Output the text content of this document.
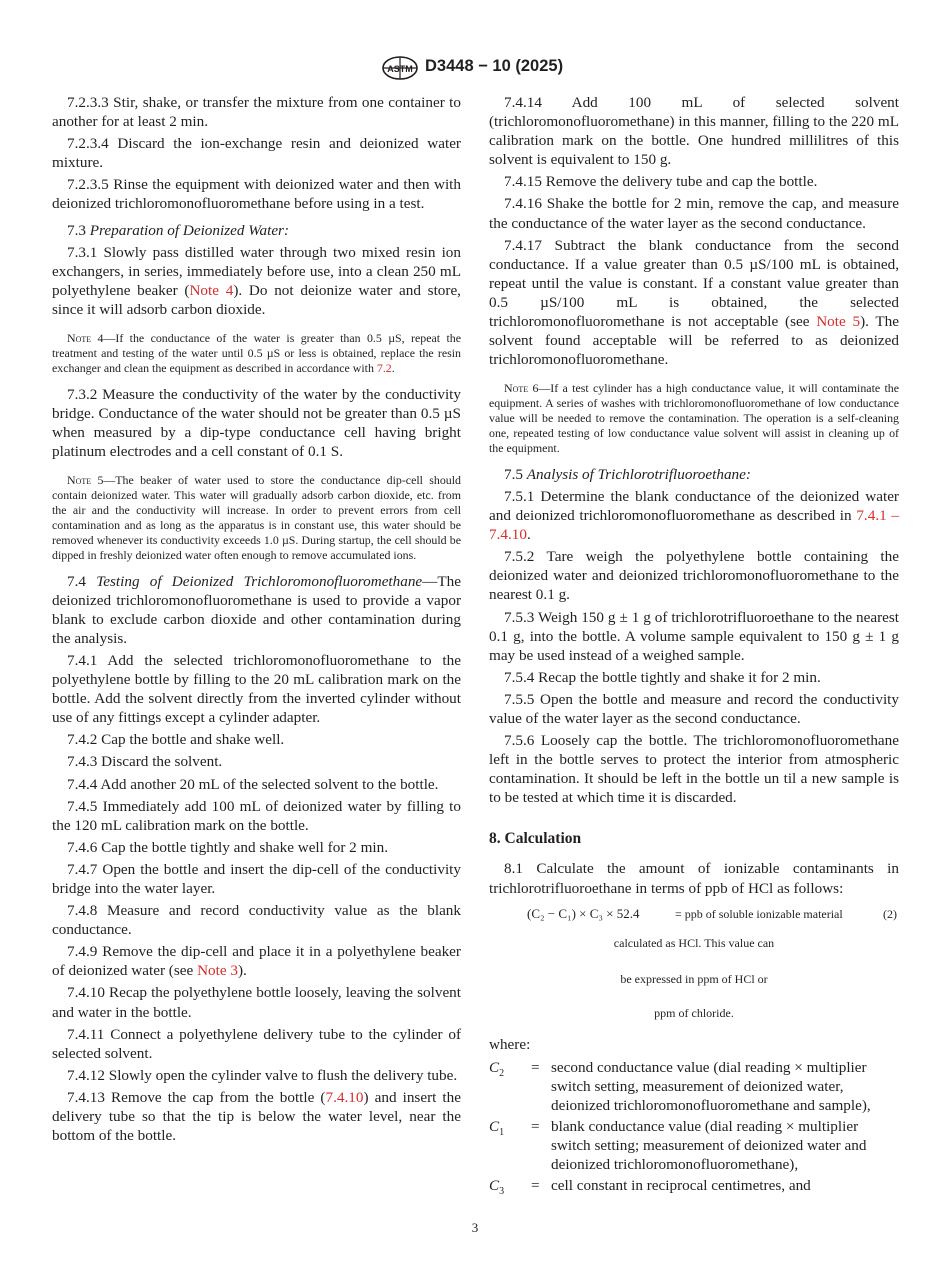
ASTM D3448 − 10 (2025)

7.2.3.3 Stir, shake, or transfer the mixture from one container to another for at least 2 min.

7.2.3.4 Discard the ion-exchange resin and deionized water mixture.

7.2.3.5 Rinse the equipment with deionized water and then with deionized trichloromonofluoromethane before using in a test.

7.3 Preparation of Deionized Water:

7.3.1 Slowly pass distilled water through two mixed resin ion exchangers, in series, immediately before use, into a clean 250 mL polyethylene beaker (Note 4). Do not deionize water and store, since it will adsorb carbon dioxide.

Note 4—If the conductance of the water is greater than 0.5 µS, repeat the treatment and testing of the water until 0.5 µS or less is obtained, replace the resin exchanger and clean the equipment as described in accordance with 7.2.

7.3.2 Measure the conductivity of the water by the conductivity bridge. Conductance of the water should not be greater than 0.5 µS when measured by a dip-type conductance cell having bright platinum electrodes and a cell constant of 0.1 S.

Note 5—The beaker of water used to store the conductance dip-cell should contain deionized water. This water will gradually adsorb carbon dioxide, etc. from the air and the conductivity will increase. In order to prevent errors from cell contamination and as long as the apparatus is in constant use, this water should be removed whenever its conductivity exceeds 1.0 µS. During startup, the cell should be dipped in freshly deionized water often enough to remove accumulated ions.

7.4 Testing of Deionized Trichloromonofluoromethane—The deionized trichloromonofluoromethane is used to provide a vapor blank to exclude carbon dioxide and other contamination during the analysis.

7.4.1 Add the selected trichloromonofluoromethane to the polyethylene bottle by filling to the 20 mL calibration mark on the bottle. Add the solvent directly from the inverted cylinder without use of any fittings except a cylinder adapter.

7.4.2 Cap the bottle and shake well.

7.4.3 Discard the solvent.

7.4.4 Add another 20 mL of the selected solvent to the bottle.

7.4.5 Immediately add 100 mL of deionized water by filling to the 120 mL calibration mark on the bottle.

7.4.6 Cap the bottle tightly and shake well for 2 min.

7.4.7 Open the bottle and insert the dip-cell of the conductivity bridge into the water layer.

7.4.8 Measure and record conductivity value as the blank conductance.

7.4.9 Remove the dip-cell and place it in a polyethylene beaker of deionized water (see Note 3).

7.4.10 Recap the polyethylene bottle loosely, leaving the solvent and water in the bottle.

7.4.11 Connect a polyethylene delivery tube to the cylinder of selected solvent.

7.4.12 Slowly open the cylinder valve to flush the delivery tube.

7.4.13 Remove the cap from the bottle (7.4.10) and insert the delivery tube so that the tip is below the water level, near the bottom of the bottle.

7.4.14 Add 100 mL of selected solvent (trichloromonofluoromethane) in this manner, filling to the 220 mL calibration mark on the bottle. One hundred millilitres of this solvent is equivalent to 150 g.

7.4.15 Remove the delivery tube and cap the bottle.

7.4.16 Shake the bottle for 2 min, remove the cap, and measure the conductance of the water layer as the second conductance.

7.4.17 Subtract the blank conductance from the second conductance. If a value greater than 0.5 µS/100 mL is obtained, repeat until the value is constant. If a constant value greater than 0.5 µS/100 mL is obtained, the selected trichloromonofluoromethane is not acceptable (see Note 5). The solvent found acceptable will be referred to as deionized trichloromonofluoromethane.

Note 6—If a test cylinder has a high conductance value, it will contaminate the equipment. A series of washes with trichloromonofluoromethane of low conductance value will be needed to remove the contamination. The operation is a self-cleaning one, repeated testing of low conductance value solvent will assist in cleaning up of the equipment.

7.5 Analysis of Trichlorotrifluoroethane:

7.5.1 Determine the blank conductance of the deionized water and deionized trichloromonofluoromethane as described in 7.4.1 – 7.4.10.

7.5.2 Tare weigh the polyethylene bottle containing the deionized water and deionized trichloromonofluoromethane to the nearest 0.1 g.

7.5.3 Weigh 150 g ± 1 g of trichlorotrifluoroethane to the nearest 0.1 g, into the bottle. A volume sample equivalent to 150 g ± 1 g may be used instead of a weighed sample.

7.5.4 Recap the bottle tightly and shake it for 2 min.

7.5.5 Open the bottle and measure and record the conductivity value of the water layer as the second conductance.

7.5.6 Loosely cap the bottle. The trichloromonofluoromethane left in the bottle serves to protect the interior from atmospheric contamination. It should be left in the bottle un til a new sample is to be tested at which time it is discarded.

8. Calculation

8.1 Calculate the amount of ionizable contaminants in trichlorotrifluoroethane in terms of ppb of HCl as follows:

(C₂ − C₁) × C₃ × 52.4	= ppb of soluble ionizable material	(2)
calculated as HCl. This value can
be expressed in ppm of HCl or
ppm of chloride.

where:

$C_2$ = second conductance value (dial reading × multiplier switch setting, measurement of deionized water, deionized trichloromonofluoromethane and sample),
$C_1$ = blank conductance value (dial reading × multiplier switch setting; measurement of deionized water and deionized trichloromonofluoromethane),
$C_3$ = cell constant in reciprocal centimetres, and
3
